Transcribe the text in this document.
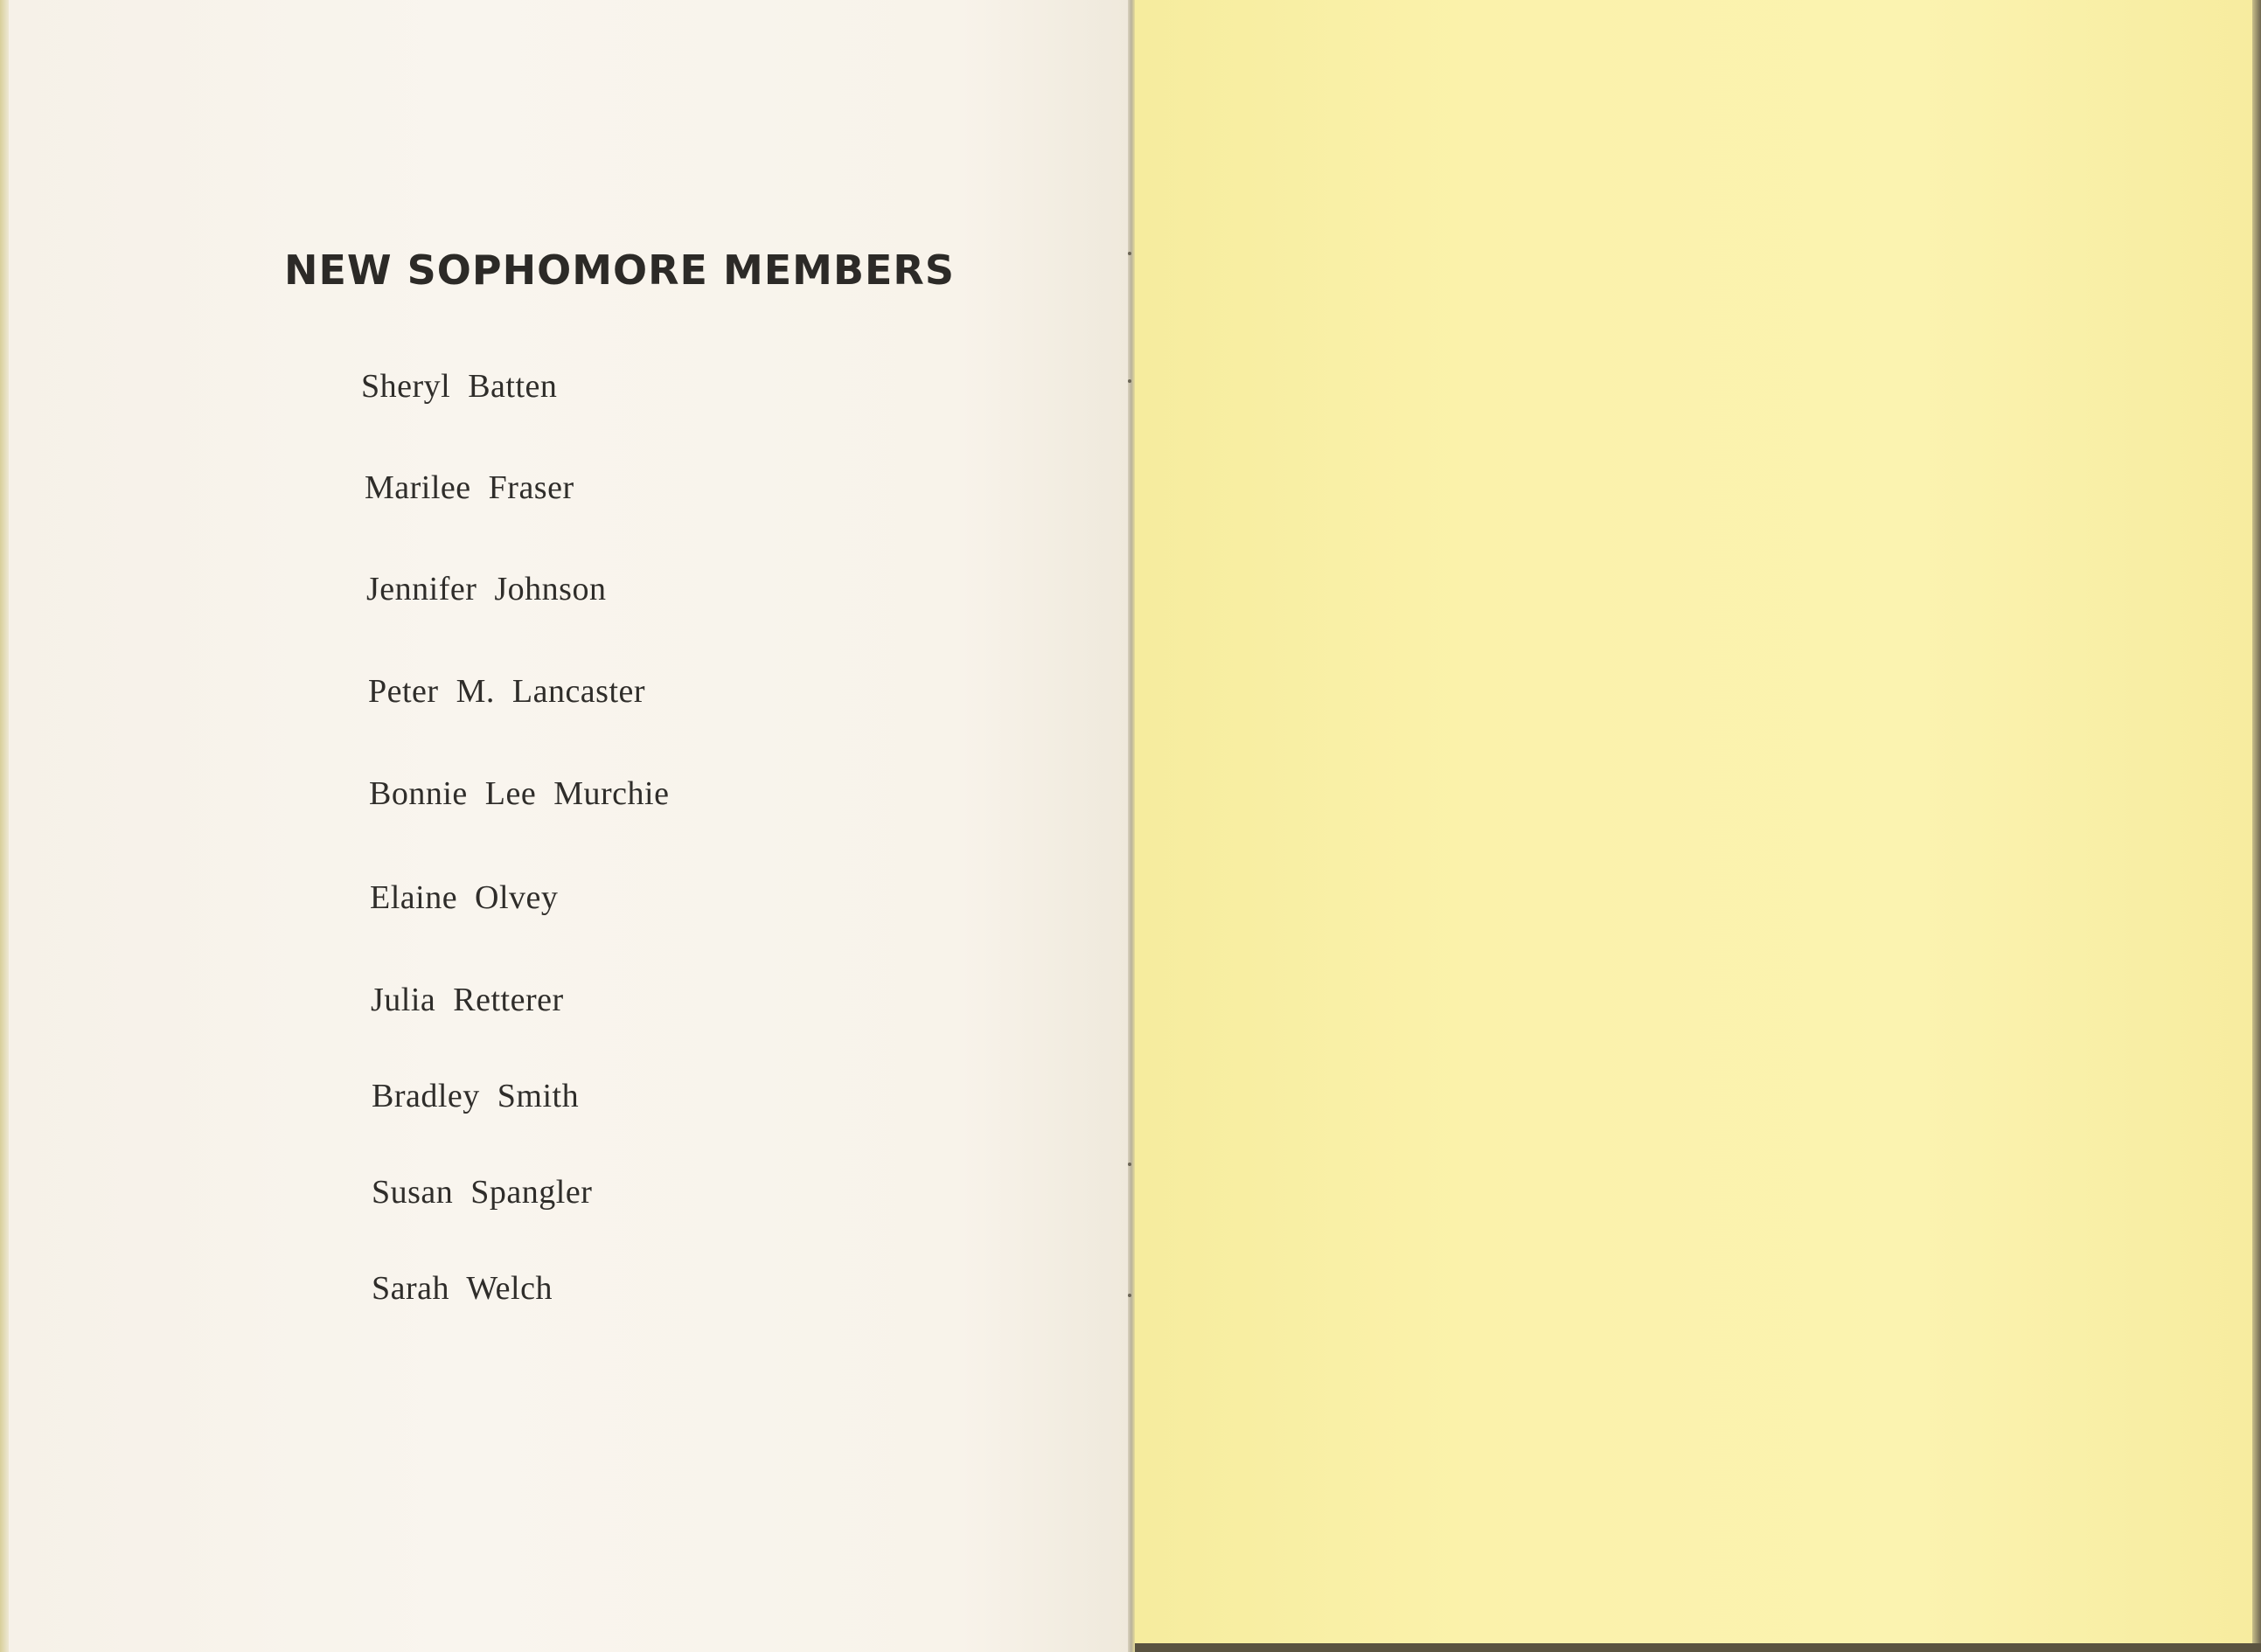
NEW SOPHOMORE MEMBERS
Sheryl Batten
Marilee Fraser
Jennifer Johnson
Peter M. Lancaster
Bonnie Lee Murchie
Elaine Olvey
Julia Retterer
Bradley Smith
Susan Spangler
Sarah Welch
